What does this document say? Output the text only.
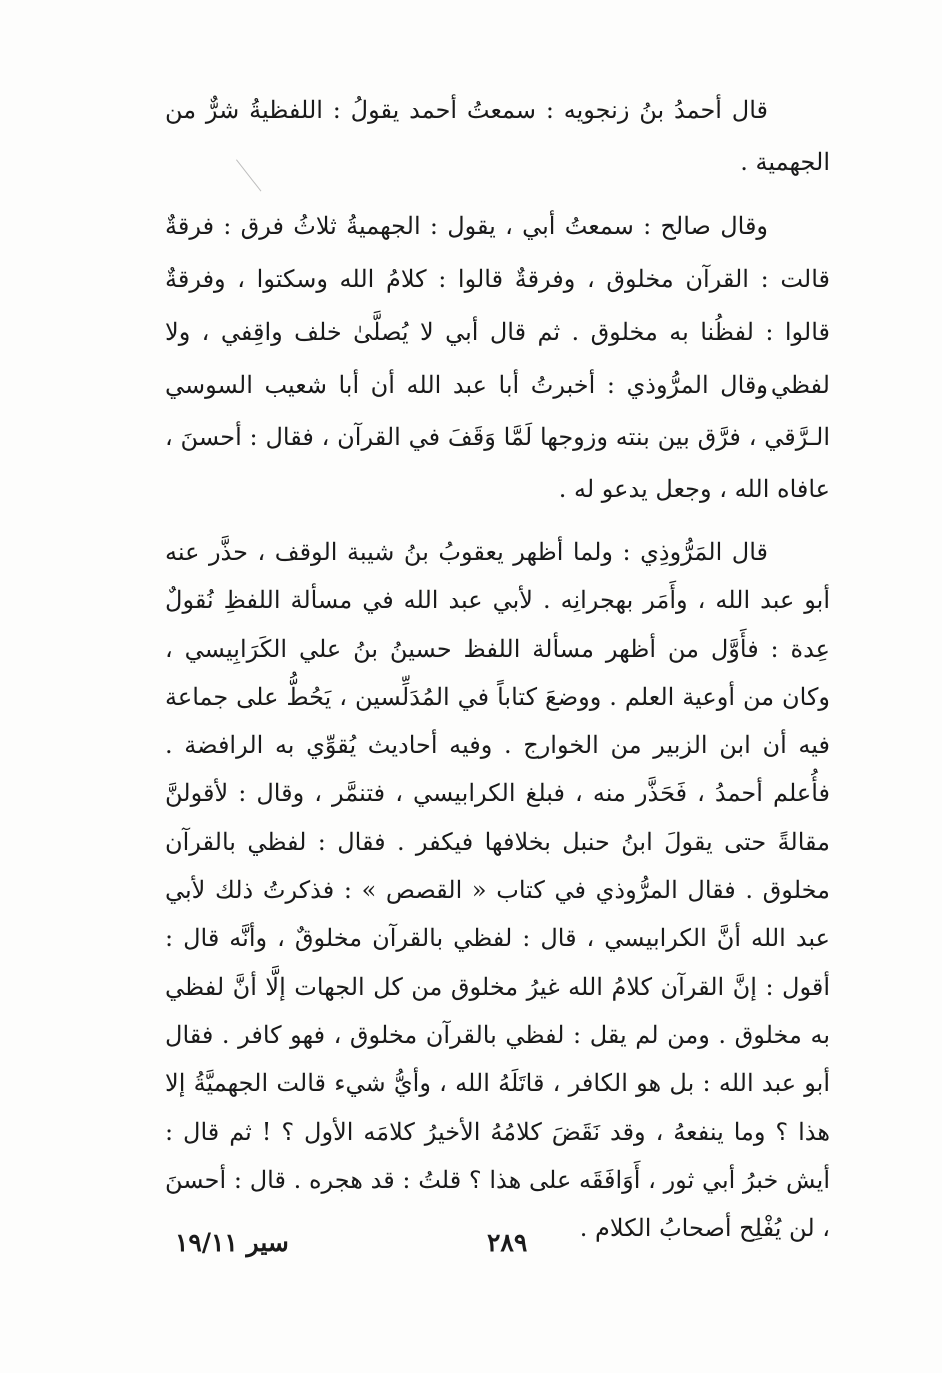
قال أحمدُ بنُ زنجويه : سمعتُ أحمد يقولُ : اللفظيةُ شرٌّ من الجهمية .

وقال صالح : سمعتُ أبي ، يقول : الجهميةُ ثلاثُ فرق : فرقةٌ قالت : القرآن مخلوق ، وفرقةٌ قالوا : كلامُ الله وسكتوا ، وفرقةٌ قالوا : لفظُنا به مخلوق . ثم قال أبي لا يُصلَّىٰ خلف واقِفي ، ولا لفظي .

وقال المرُّوذي : أخبرتُ أبا عبد الله أن أبا شعيب السوسي الـرَّقي ، فرَّق بين بنته وزوجها لَمَّا وَقَفَ في القرآن ، فقال : أحسنَ ، عافاه الله ، وجعل يدعو له .

قال المَرُّوذِي : ولما أظهر يعقوبُ بنُ شيبة الوقف ، حذَّر عنه أبو عبد الله ، وأَمَر بهجرانِه . لأبي عبد الله في مسألة اللفظِ نُقولٌ عِدة : فأَوَّل من أظهر مسألة اللفظ حسينُ بنُ علي الكَرَابِيسي ، وكان من أوعية العلم . ووضعَ كتاباً في المُدَلِّسين ، يَحُطُّ على جماعة فيه أن ابن الزبير من الخوارج . وفيه أحاديث يُقوِّي به الرافضة . فأُعلم أحمدُ ، فَحَذَّر منه ، فبلغ الكرابيسي ، فتنمَّر ، وقال : لأقولنَّ مقالةً حتى يقولَ ابنُ حنبل بخلافها فيكفر . فقال : لفظي بالقرآن مخلوق . فقال المرُّوذي في كتاب « القصص » : فذكرتُ ذلك لأبي عبد الله أنَّ الكرابيسي ، قال : لفظي بالقرآن مخلوقٌ ، وأنَّه قال : أقول : إنَّ القرآن كلامُ الله غيرُ مخلوق من كل الجهات إلَّا أنَّ لفظي به مخلوق . ومن لم يقل : لفظي بالقرآن مخلوق ، فهو كافر . فقال أبو عبد الله : بل هو الكافر ، قاتَلَهُ الله ، وأيُّ شيء قالت الجهميَّةُ إلا هذا ؟ وما ينفعهُ ، وقد نَقَضَ كلامُهُ الأخيرُ كلامَه الأول ؟ ! ثم قال : أيش خبرُ أبي ثور ، أَوَافَقَه على هذا ؟ قلتُ : قد هجره . قال : أحسنَ ، لن يُفْلِح أصحابُ الكلام .

٢٨٩
سير ١٩/١١
